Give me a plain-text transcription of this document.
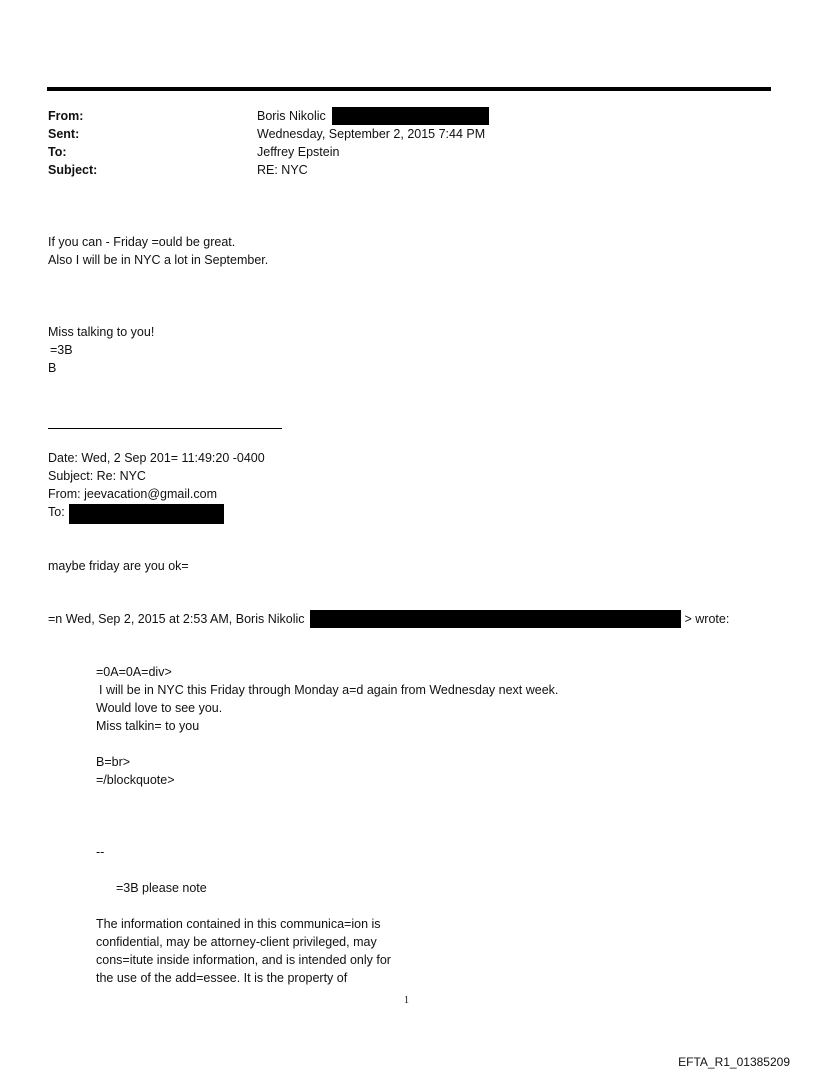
From:	Boris Nikolic
Sent:	Wednesday, September 2, 2015 7:44 PM
To:	Jeffrey Epstein
Subject:	RE: NYC
If you can - Friday =ould be great.
Also I will be in NYC a lot in September.
Miss talking to you!
=3B
B
Date: Wed, 2 Sep 201= 11:49:20 -0400
Subject: Re: NYC
From: jeevacation@gmail.com
To:
maybe friday are you ok=
=n Wed, Sep 2, 2015 at 2:53 AM, Boris Nikolic	> wrote:
=0A=0A=div>
I will be in NYC this Friday through Monday a=d again from Wednesday next week.
Would love to see you.
Miss talkin= to you
B=br>
=/blockquote>
--
=3B please note
The information contained in this communica=ion is
confidential, may be attorney-client privileged, may
cons=itute inside information, and is intended only for
the use of the add=essee. It is the property of
1
EFTA_R1_01385209
